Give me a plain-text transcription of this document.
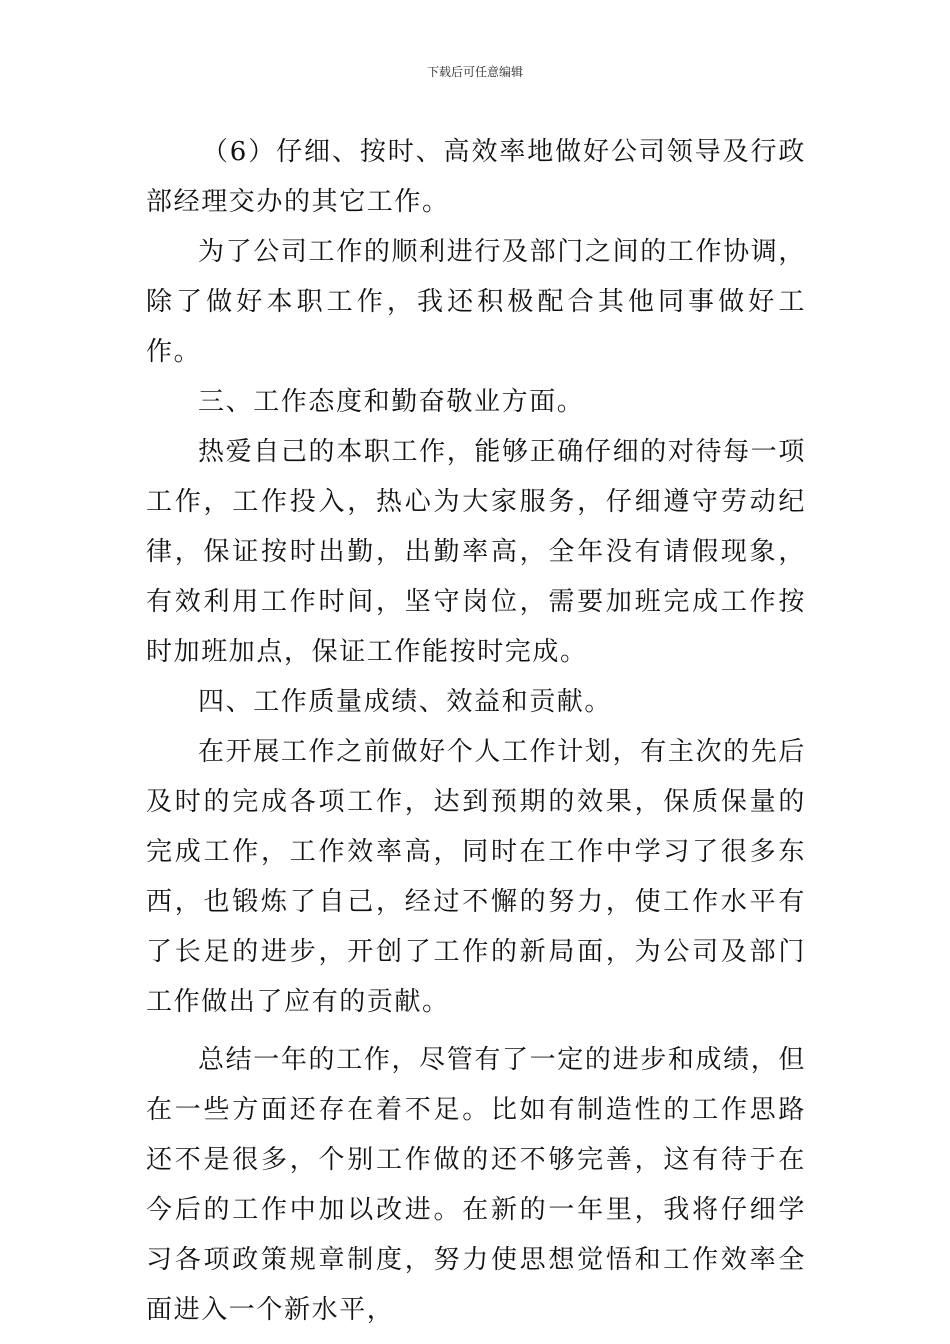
下载后可任意编辑

（6）仔细、按时、高效率地做好公司领导及行政部经理交办的其它工作。

为了公司工作的顺利进行及部门之间的工作协调，除了做好本职工作，我还积极配合其他同事做好工作。

三、工作态度和勤奋敬业方面。

热爱自己的本职工作，能够正确仔细的对待每一项工作，工作投入，热心为大家服务，仔细遵守劳动纪律，保证按时出勤，出勤率高，全年没有请假现象，有效利用工作时间，坚守岗位，需要加班完成工作按时加班加点，保证工作能按时完成。

四、工作质量成绩、效益和贡献。

在开展工作之前做好个人工作计划，有主次的先后及时的完成各项工作，达到预期的效果，保质保量的完成工作，工作效率高，同时在工作中学习了很多东西，也锻炼了自己，经过不懈的努力，使工作水平有了长足的进步，开创了工作的新局面，为公司及部门工作做出了应有的贡献。

总结一年的工作，尽管有了一定的进步和成绩，但在一些方面还存在着不足。比如有制造性的工作思路还不是很多，个别工作做的还不够完善，这有待于在今后的工作中加以改进。在新的一年里，我将仔细学习各项政策规章制度，努力使思想觉悟和工作效率全面进入一个新水平，
